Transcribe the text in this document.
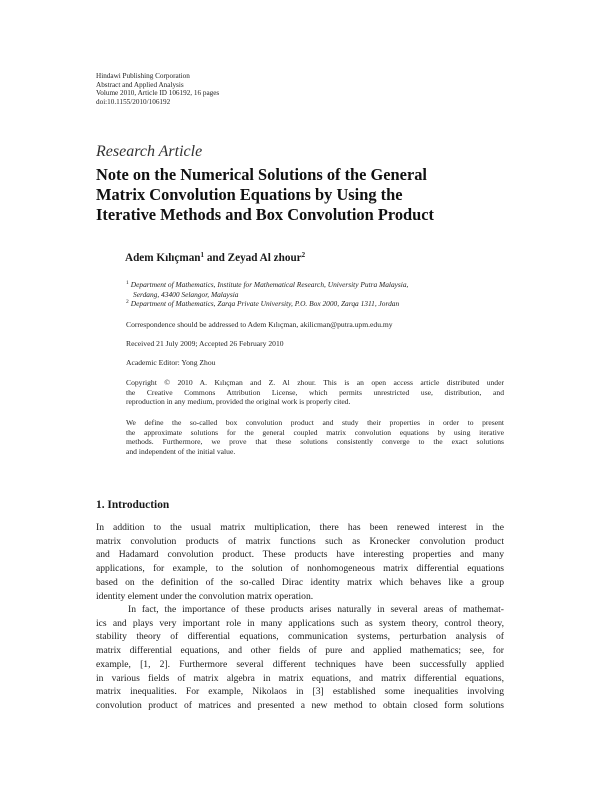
Hindawi Publishing Corporation
Abstract and Applied Analysis
Volume 2010, Article ID 106192, 16 pages
doi:10.1155/2010/106192
Research Article
Note on the Numerical Solutions of the General
Matrix Convolution Equations by Using the
Iterative Methods and Box Convolution Product
Adem Kılıçman$^1$ and Zeyad Al zhour$^2$
$^1$ Department of Mathematics, Institute for Mathematical Research, University Putra Malaysia,
Serdang, 43400 Selangor, Malaysia
$^2$ Department of Mathematics, Zarqa Private University, P.O. Box 2000, Zarqa 1311, Jordan
Correspondence should be addressed to Adem Kılıçman, akilicman@putra.upm.edu.my
Received 21 July 2009; Accepted 26 February 2010
Academic Editor: Yong Zhou
Copyright © 2010 A. Kılıçman and Z. Al zhour. This is an open access article distributed under
the Creative Commons Attribution License, which permits unrestricted use, distribution, and
reproduction in any medium, provided the original work is properly cited.
We define the so-called box convolution product and study their properties in order to present
the approximate solutions for the general coupled matrix convolution equations by using iterative
methods. Furthermore, we prove that these solutions consistently converge to the exact solutions
and independent of the initial value.
1. Introduction
In addition to the usual matrix multiplication, there has been renewed interest in the
matrix convolution products of matrix functions such as Kronecker convolution product
and Hadamard convolution product. These products have interesting properties and many
applications, for example, to the solution of nonhomogeneous matrix differential equations
based on the definition of the so-called Dirac identity matrix which behaves like a group
identity element under the convolution matrix operation.
In fact, the importance of these products arises naturally in several areas of mathemat-
ics and plays very important role in many applications such as system theory, control theory,
stability theory of differential equations, communication systems, perturbation analysis of
matrix differential equations, and other fields of pure and applied mathematics; see, for
example, [1, 2]. Furthermore several different techniques have been successfully applied
in various fields of matrix algebra in matrix equations, and matrix differential equations,
matrix inequalities. For example, Nikolaos in [3] established some inequalities involving
convolution product of matrices and presented a new method to obtain closed form solutions
